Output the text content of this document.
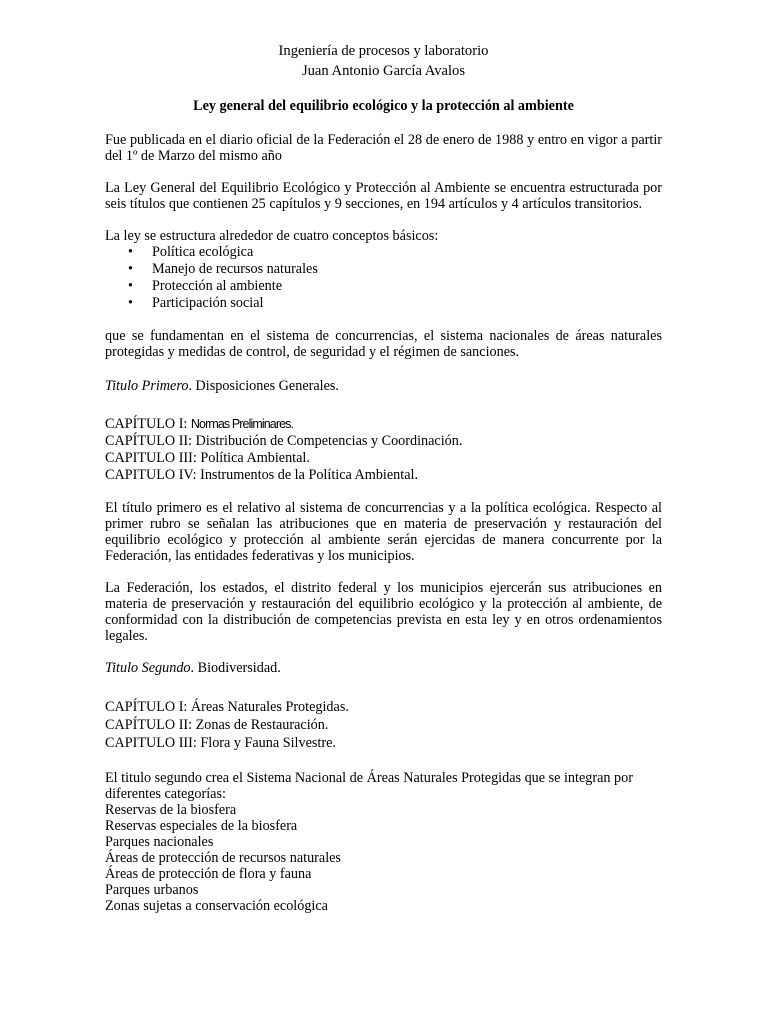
Ingeniería de procesos y laboratorio
Juan Antonio García Avalos
Ley general del equilibrio ecológico y la protección al ambiente

Fue publicada en el diario oficial de la Federación el 28 de enero de 1988 y entro en vigor a partir del 1º de Marzo del mismo año

La Ley General del Equilibrio Ecológico y Protección al Ambiente se encuentra estructurada por seis títulos que contienen 25 capítulos y 9 secciones, en 194 artículos y 4 artículos transitorios.

La ley se estructura alrededor de cuatro conceptos básicos:

• Política ecológica
• Manejo de recursos naturales
• Protección al ambiente
• Participación social

que se fundamentan en el sistema de concurrencias, el sistema nacionales de áreas naturales protegidas y medidas de control, de seguridad y el régimen de sanciones.

Titulo Primero. Disposiciones Generales.

CAPÍTULO I: Normas Preliminares.
CAPÍTULO II: Distribución de Competencias y Coordinación.
CAPITULO III: Política Ambiental.
CAPITULO IV: Instrumentos de la Política Ambiental.

El título primero es el relativo al sistema de concurrencias y a la política ecológica. Respecto al primer rubro se señalan las atribuciones que en materia de preservación y restauración del equilibrio ecológico y protección al ambiente serán ejercidas de manera concurrente por la Federación, las entidades federativas y los municipios.

La Federación, los estados, el distrito federal y los municipios ejercerán sus atribuciones en materia de preservación y restauración del equilibrio ecológico y la protección al ambiente, de conformidad con la distribución de competencias prevista en esta ley y en otros ordenamientos legales.

Titulo Segundo. Biodiversidad.

CAPÍTULO I: Áreas Naturales Protegidas.
CAPÍTULO II: Zonas de Restauración.
CAPITULO III: Flora y Fauna Silvestre.

El titulo segundo crea el Sistema Nacional de Áreas Naturales Protegidas que se integran por diferentes categorías:

Reservas de la biosfera
Reservas especiales de la biosfera
Parques nacionales
Áreas de protección de recursos naturales
Áreas de protección de flora y fauna
Parques urbanos
Zonas sujetas a conservación ecológica
